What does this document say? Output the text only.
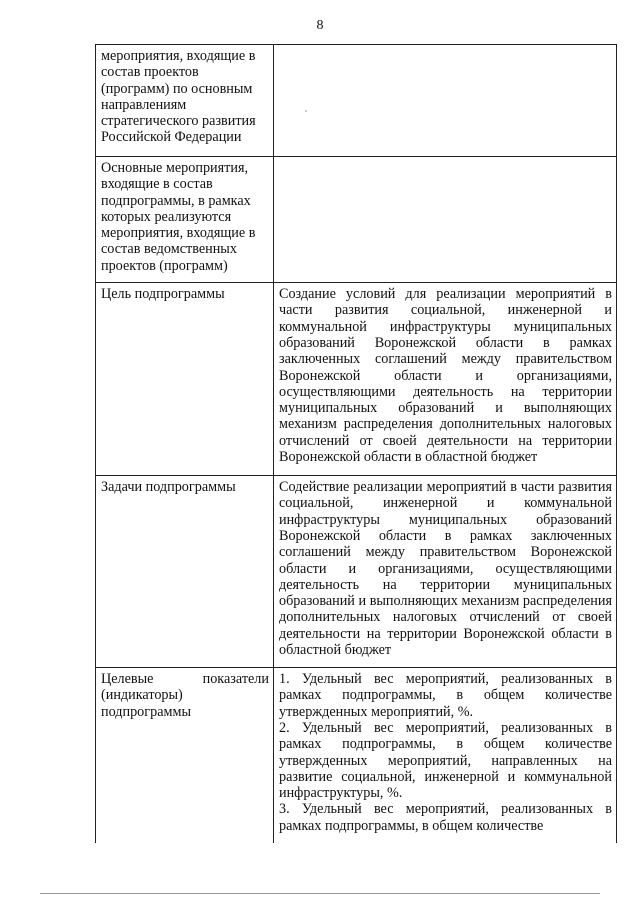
8
мероприятия, входящие в состав проектов (программ) по основным направлениям стратегического развития Российской Федерации	
Основные мероприятия, входящие в состав подпрограммы, в рамках которых реализуются мероприятия, входящие в состав ведомственных проектов (программ)	
Цель подпрограммы	Создание условий для реализации мероприятий в части развития социальной, инженерной и коммунальной инфраструктуры муниципальных образований Воронежской области в рамках заключенных соглашений между правительством Воронежской области и организациями, осуществляющими деятельность на территории муниципальных образований и выполняющих механизм распределения дополнительных налоговых отчислений от своей деятельности на территории Воронежской области в областной бюджет
Задачи подпрограммы	Содействие реализации мероприятий в части развития социальной, инженерной и коммунальной инфраструктуры муниципальных образований Воронежской области в рамках заключенных соглашений между правительством Воронежской области и организациями, осуществляющими деятельность на территории муниципальных образований и выполняющих механизм распределения дополнительных налоговых отчислений от своей деятельности на территории Воронежской области в областной бюджет
Целевые показатели (индикаторы) подпрограммы	1. Удельный вес мероприятий, реализованных в рамках подпрограммы, в общем количестве утвержденных мероприятий, %.
2. Удельный вес мероприятий, реализованных в рамках подпрограммы, в общем количестве утвержденных мероприятий, направленных на развитие социальной, инженерной и коммунальной инфраструктуры, %.
3. Удельный вес мероприятий, реализованных в рамках подпрограммы, в общем количестве
